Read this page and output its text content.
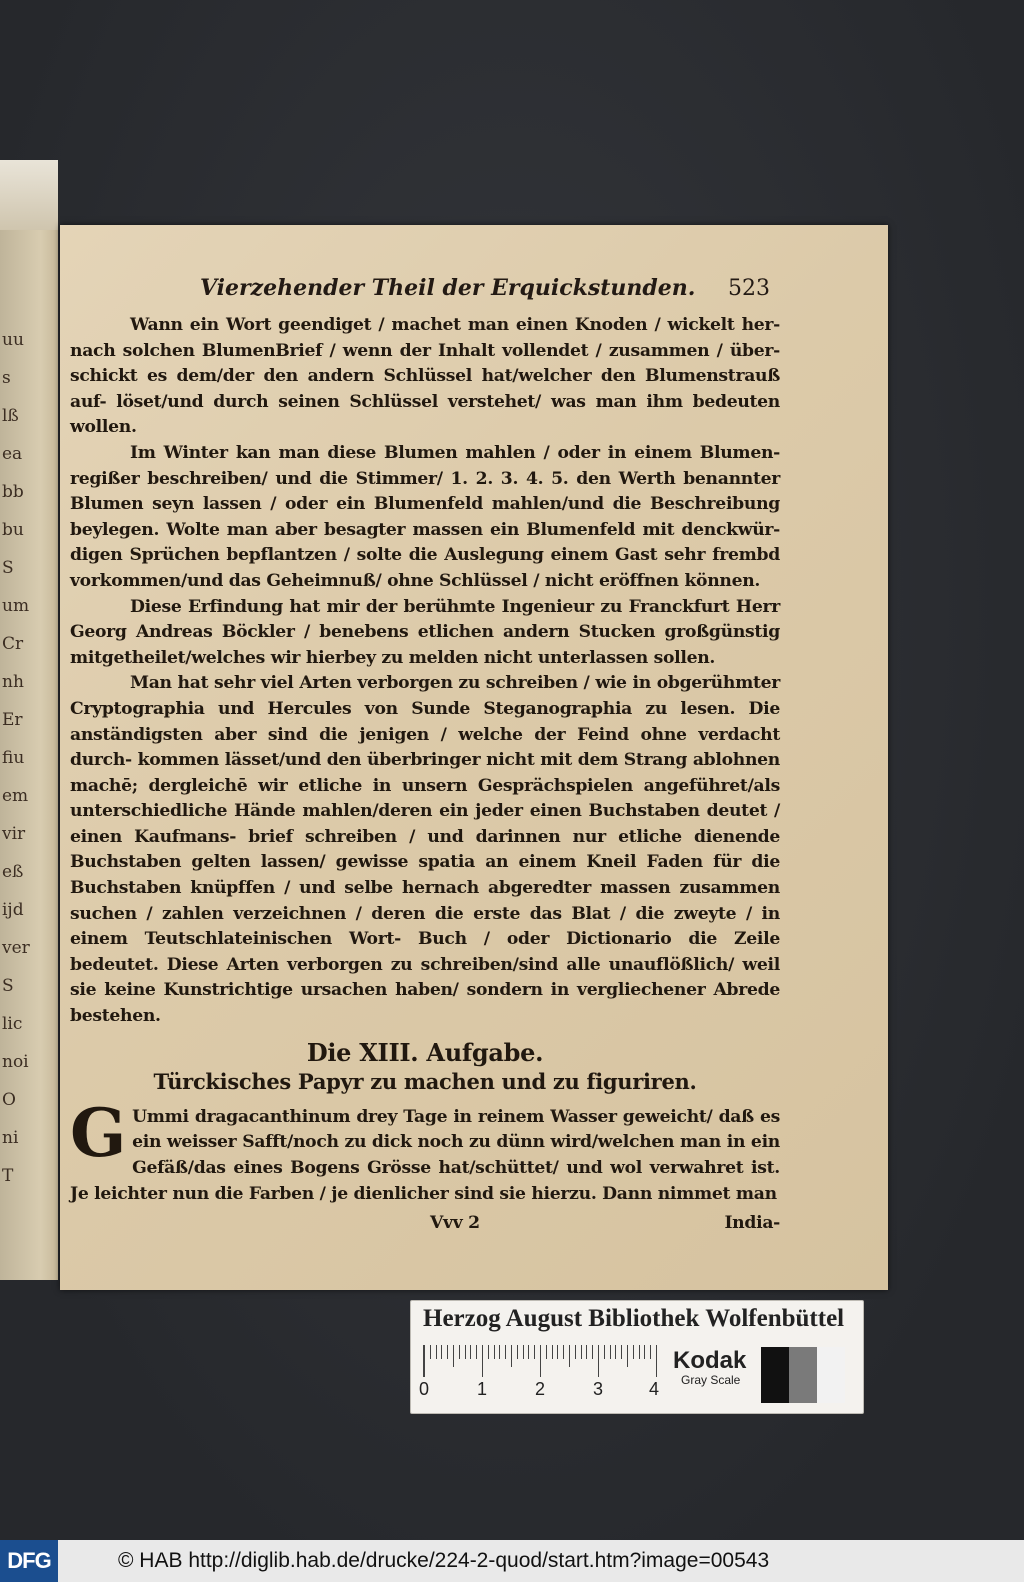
uu
s
lß
ea
bb
bu
S
um
Cr
nh
Er
fiu
em
vir
eß
ijd
ver
S
lic
noi
O
ni
T
Vierzehender Theil der Erquickstunden. 523

Wann ein Wort geendiget / machet man einen Knoden / wickelt her- nach solchen BlumenBrief / wenn der Inhalt vollendet / zusammen / über- schickt es dem/der den andern Schlüssel hat/welcher den Blumenstrauß auf- löset/und durch seinen Schlüssel verstehet/ was man ihm bedeuten wollen.

Im Winter kan man diese Blumen mahlen / oder in einem Blumen- regißer beschreiben/ und die Stimmer/ 1. 2. 3. 4. 5. den Werth benannter Blumen seyn lassen / oder ein Blumenfeld mahlen/und die Beschreibung beylegen. Wolte man aber besagter massen ein Blumenfeld mit denckwür- digen Sprüchen bepflantzen / solte die Auslegung einem Gast sehr frembd vorkommen/und das Geheimnuß/ ohne Schlüssel / nicht eröffnen können.

Diese Erfindung hat mir der berühmte Ingenieur zu Franckfurt Herr Georg Andreas Böckler / benebens etlichen andern Stucken großgünstig mitgetheilet/welches wir hierbey zu melden nicht unterlassen sollen.

Man hat sehr viel Arten verborgen zu schreiben / wie in obgerühmter Cryptographia und Hercules von Sunde Steganographia zu lesen. Die anständigsten aber sind die jenigen / welche der Feind ohne verdacht durch- kommen lässet/und den überbringer nicht mit dem Strang ablohnen machē; dergleichē wir etliche in unsern Gesprächspielen angeführet/als unterschiedliche Hände mahlen/deren ein jeder einen Buchstaben deutet / einen Kaufmans- brief schreiben / und darinnen nur etliche dienende Buchstaben gelten lassen/ gewisse spatia an einem Kneil Faden für die Buchstaben knüpffen / und selbe hernach abgeredter massen zusammen suchen / zahlen verzeichnen / deren die erste das Blat / die zweyte / in einem Teutschlateinischen Wort- Buch / oder Dictionario die Zeile bedeutet. Diese Arten verborgen zu schreiben/sind alle unauflößlich/ weil sie keine Kunstrichtige ursachen haben/ sondern in vergliechener Abrede bestehen.

Die XIII. Aufgabe.
Türckisches Papyr zu machen und zu figuriren.

G Ummi dragacanthinum drey Tage in reinem Wasser geweicht/ daß es ein weisser Safft/noch zu dick noch zu dünn wird/welchen man in ein Gefäß/das eines Bogens Grösse hat/schüttet/ und wol verwahret ist. Je leichter nun die Farben / je dienlicher sind sie hierzu. Dann nimmet man

Vvv 2	India-
Herzog August Bibliothek Wolfenbüttel
0	1	2	3	4
Kodak
Gray Scale
DFG	© HAB http://diglib.hab.de/drucke/224-2-quod/start.htm?image=00543
